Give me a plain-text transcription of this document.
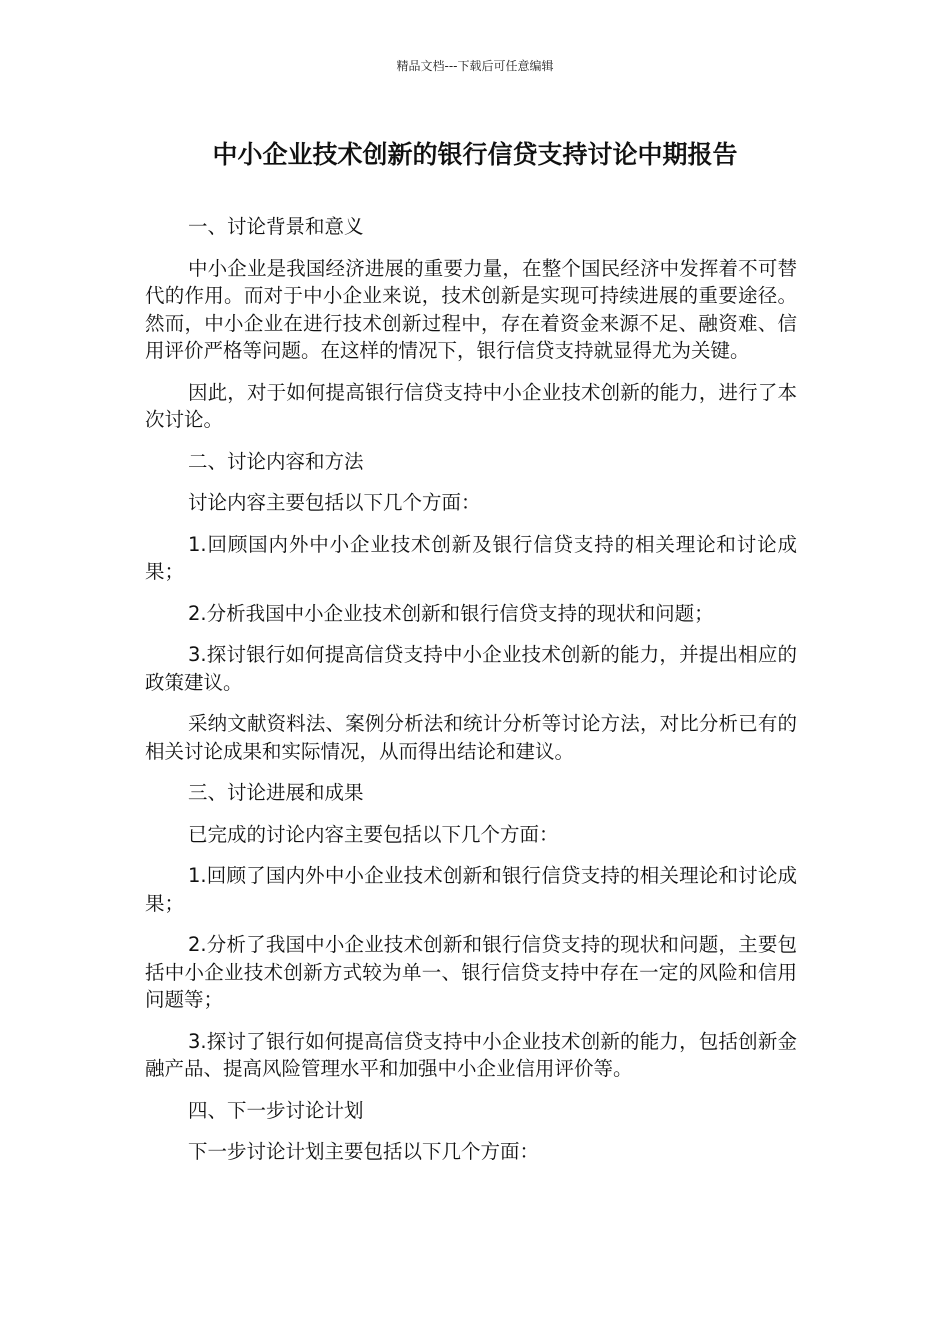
精品文档---下载后可任意编辑
中小企业技术创新的银行信贷支持讨论中期报告

一、讨论背景和意义

中小企业是我国经济进展的重要力量，在整个国民经济中发挥着不可替代的作用。而对于中小企业来说，技术创新是实现可持续进展的重要途径。然而，中小企业在进行技术创新过程中，存在着资金来源不足、融资难、信用评价严格等问题。在这样的情况下，银行信贷支持就显得尤为关键。

因此，对于如何提高银行信贷支持中小企业技术创新的能力，进行了本次讨论。

二、讨论内容和方法

讨论内容主要包括以下几个方面：

1.回顾国内外中小企业技术创新及银行信贷支持的相关理论和讨论成果；

2.分析我国中小企业技术创新和银行信贷支持的现状和问题；

3.探讨银行如何提高信贷支持中小企业技术创新的能力，并提出相应的政策建议。

采纳文献资料法、案例分析法和统计分析等讨论方法，对比分析已有的相关讨论成果和实际情况，从而得出结论和建议。

三、讨论进展和成果

已完成的讨论内容主要包括以下几个方面：

1.回顾了国内外中小企业技术创新和银行信贷支持的相关理论和讨论成果；

2.分析了我国中小企业技术创新和银行信贷支持的现状和问题，主要包括中小企业技术创新方式较为单一、银行信贷支持中存在一定的风险和信用问题等；

3.探讨了银行如何提高信贷支持中小企业技术创新的能力，包括创新金融产品、提高风险管理水平和加强中小企业信用评价等。

四、下一步讨论计划

下一步讨论计划主要包括以下几个方面：
